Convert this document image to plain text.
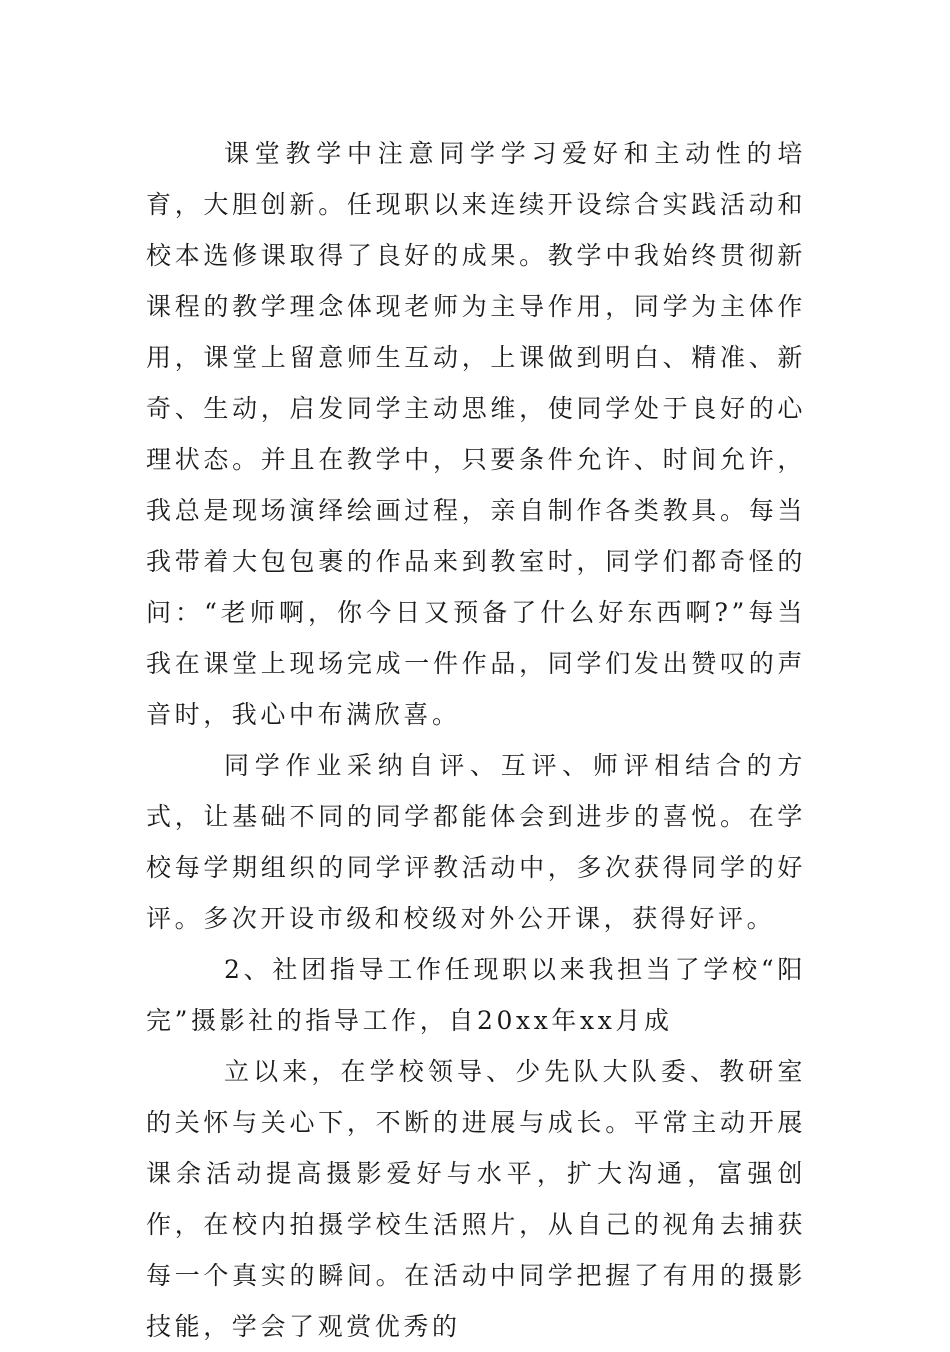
课堂教学中注意同学学习爱好和主动性的培育，大胆创新。任现职以来连续开设综合实践活动和校本选修课取得了良好的成果。教学中我始终贯彻新课程的教学理念体现老师为主导作用，同学为主体作用，课堂上留意师生互动，上课做到明白、精准、新奇、生动，启发同学主动思维，使同学处于良好的心理状态。并且在教学中，只要条件允许、时间允许，我总是现场演绎绘画过程，亲自制作各类教具。每当我带着大包包裹的作品来到教室时，同学们都奇怪的问：“老师啊，你今日又预备了什么好东西啊?”每当我在课堂上现场完成一件作品，同学们发出赞叹的声音时，我心中布满欣喜。

同学作业采纳自评、互评、师评相结合的方式，让基础不同的同学都能体会到进步的喜悦。在学校每学期组织的同学评教活动中，多次获得同学的好评。多次开设市级和校级对外公开课，获得好评。

2、社团指导工作任现职以来我担当了学校“阳完”摄影社的指导工作，自20xx年xx月成

立以来，在学校领导、少先队大队委、教研室的关怀与关心下，不断的进展与成长。平常主动开展课余活动提高摄影爱好与水平，扩大沟通，富强创作，在校内拍摄学校生活照片，从自己的视角去捕获每一个真实的瞬间。在活动中同学把握了有用的摄影技能，学会了观赏优秀的
